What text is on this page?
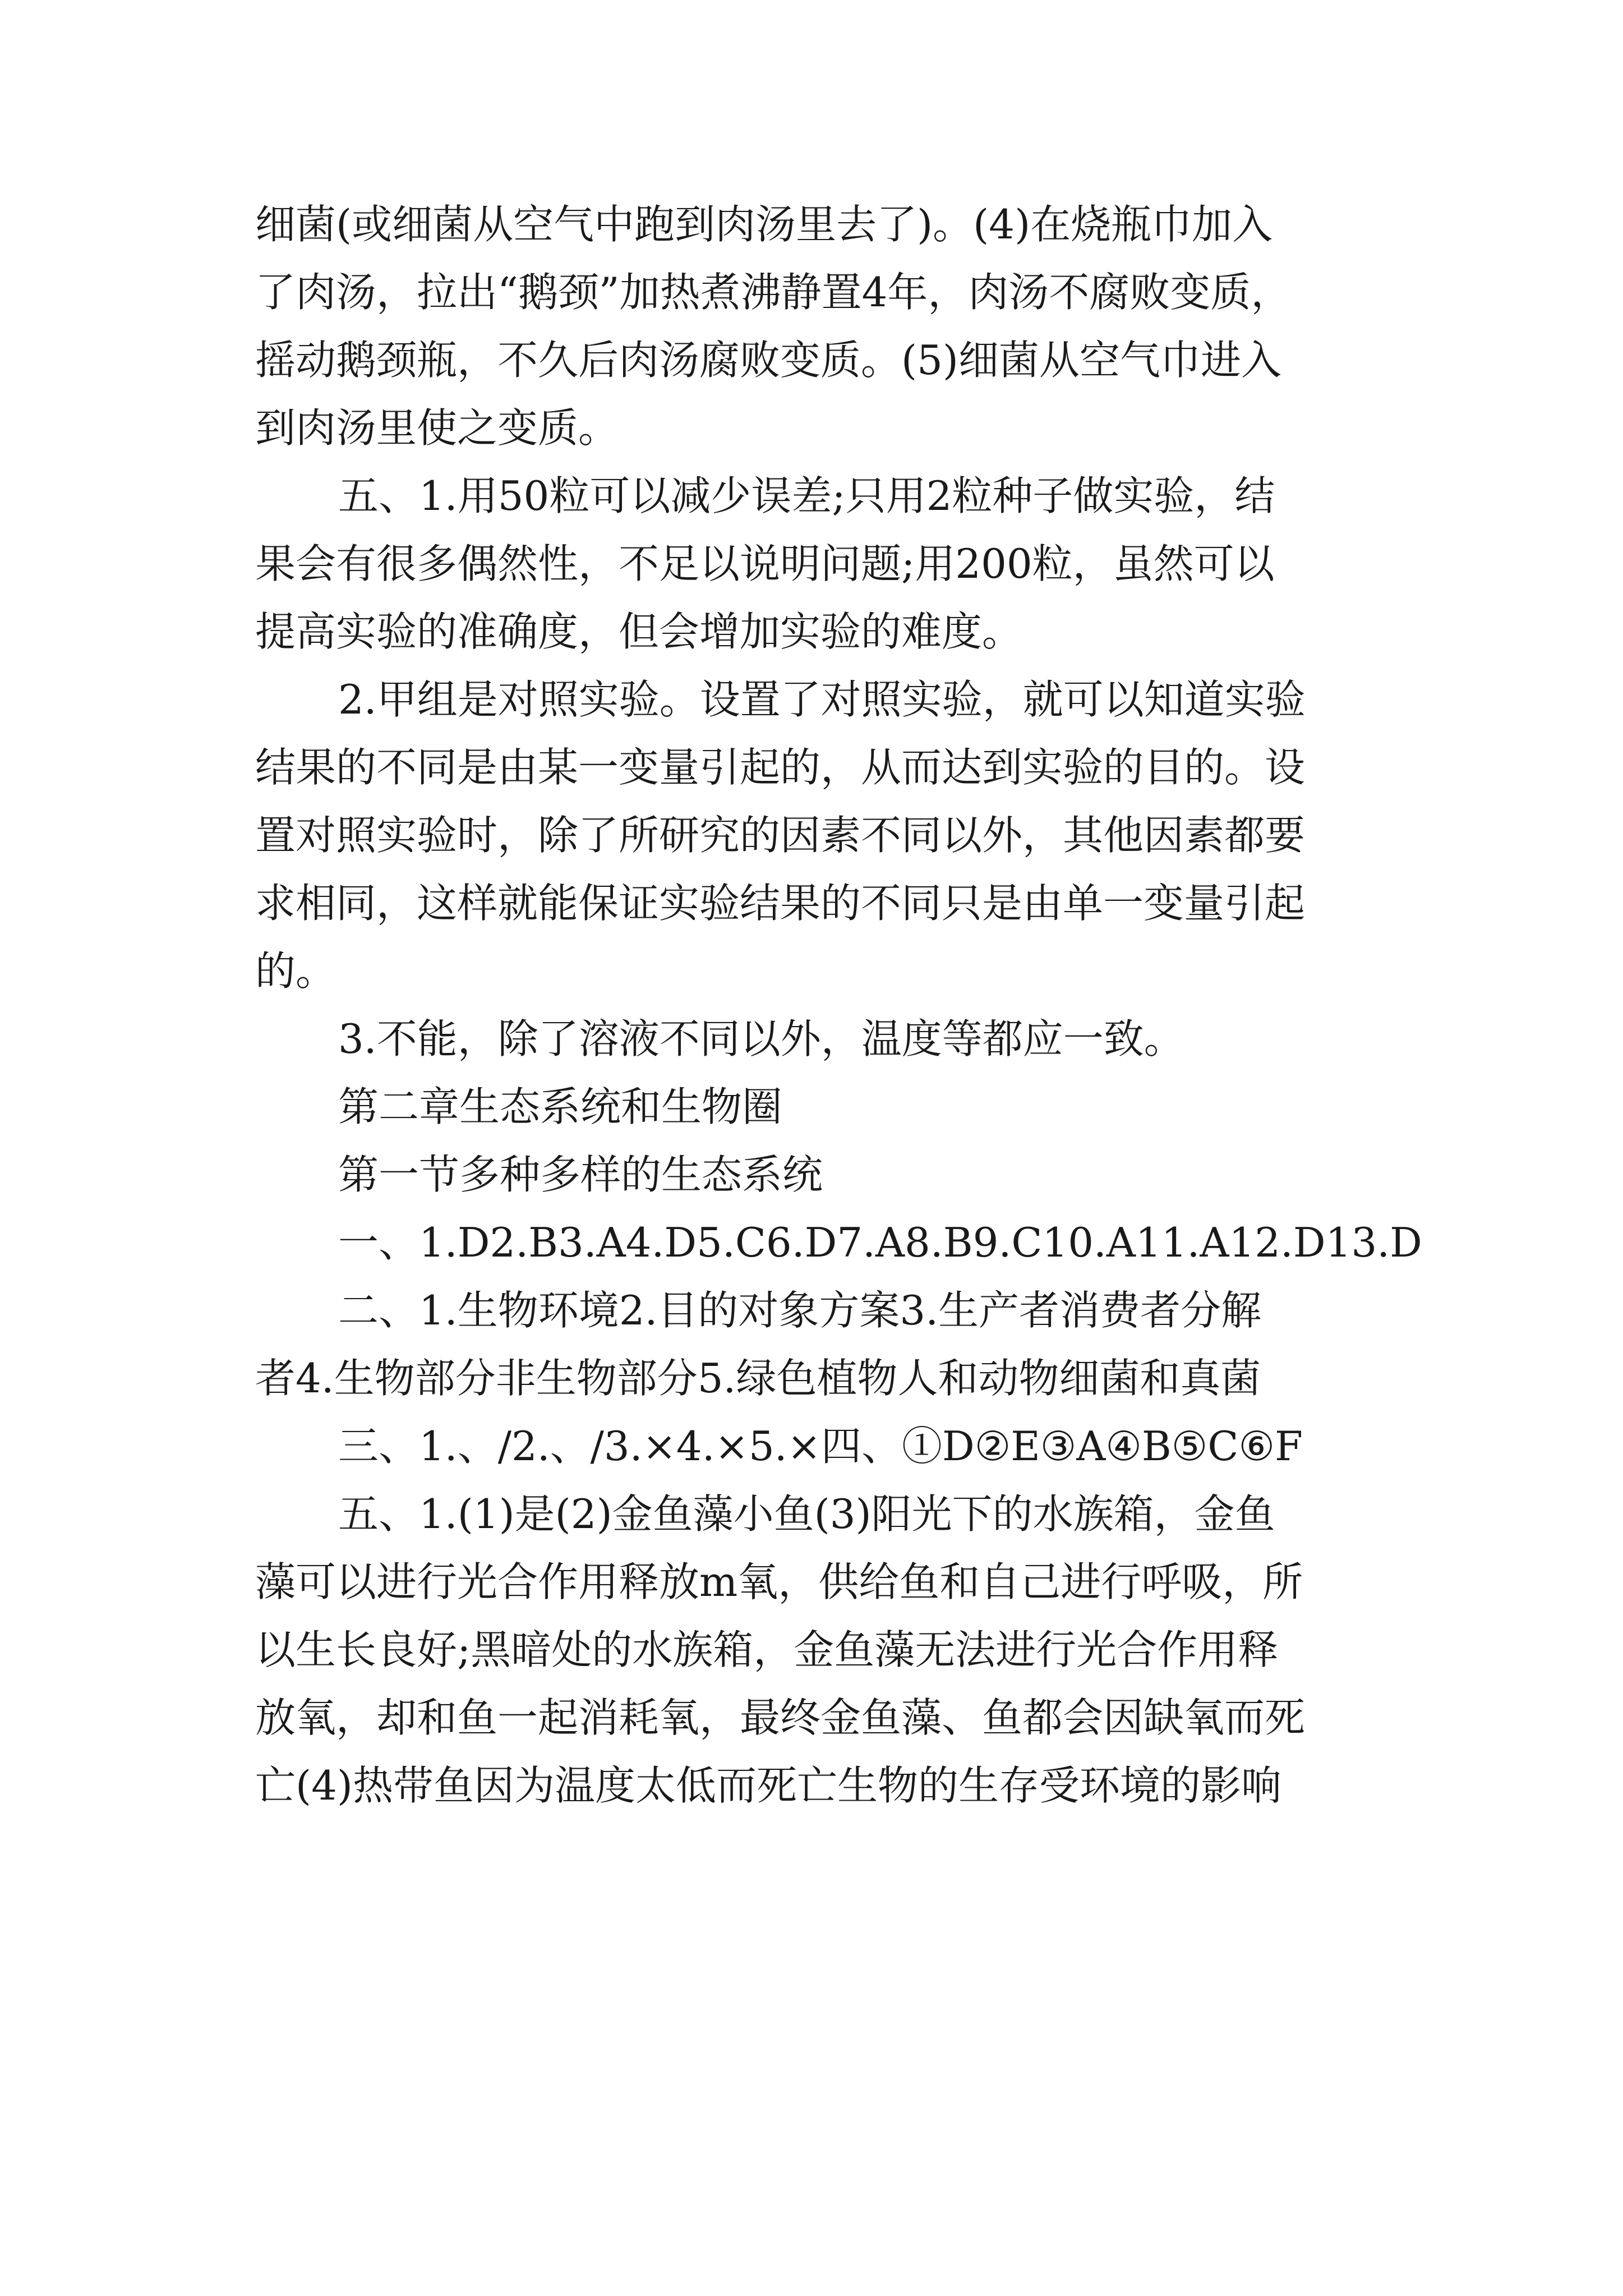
细菌(或细菌从空气中跑到肉汤里去了)。(4)在烧瓶巾加入
了肉汤，拉出“鹅颈”加热煮沸静置4年，肉汤不腐败变质，
摇动鹅颈瓶，不久后肉汤腐败变质。(5)细菌从空气巾进入
到肉汤里使之变质。
五、1.用50粒可以减少误差;只用2粒种子做实验，结
果会有很多偶然性，不足以说明问题;用200粒，虽然可以
提高实验的准确度，但会增加实验的难度。
2.甲组是对照实验。设置了对照实验，就可以知道实验
结果的不同是由某一变量引起的，从而达到实验的目的。设
置对照实验时，除了所研究的因素不同以外，其他因素都要
求相同，这样就能保证实验结果的不同只是由单一变量引起
的。
3.不能，除了溶液不同以外，温度等都应一致。
第二章生态系统和生物圈
第一节多种多样的生态系统
一、1.D2.B3.A4.D5.C6.D7.A8.B9.C10.A11.A12.D13.D
二、1.生物环境2.目的对象方案3.生产者消费者分解
者4.生物部分非生物部分5.绿色植物人和动物细菌和真菌
三、1.、/2.、/3.×4.×5.×四、①D②E③A④B⑤C⑥F
五、1.(1)是(2)金鱼藻小鱼(3)阳光下的水族箱，金鱼
藻可以进行光合作用释放m氧，供给鱼和自己进行呼吸，所
以生长良好;黑暗处的水族箱，金鱼藻无法进行光合作用释
放氧，却和鱼一起消耗氧，最终金鱼藻、鱼都会因缺氧而死
亡(4)热带鱼因为温度太低而死亡生物的生存受环境的影响
